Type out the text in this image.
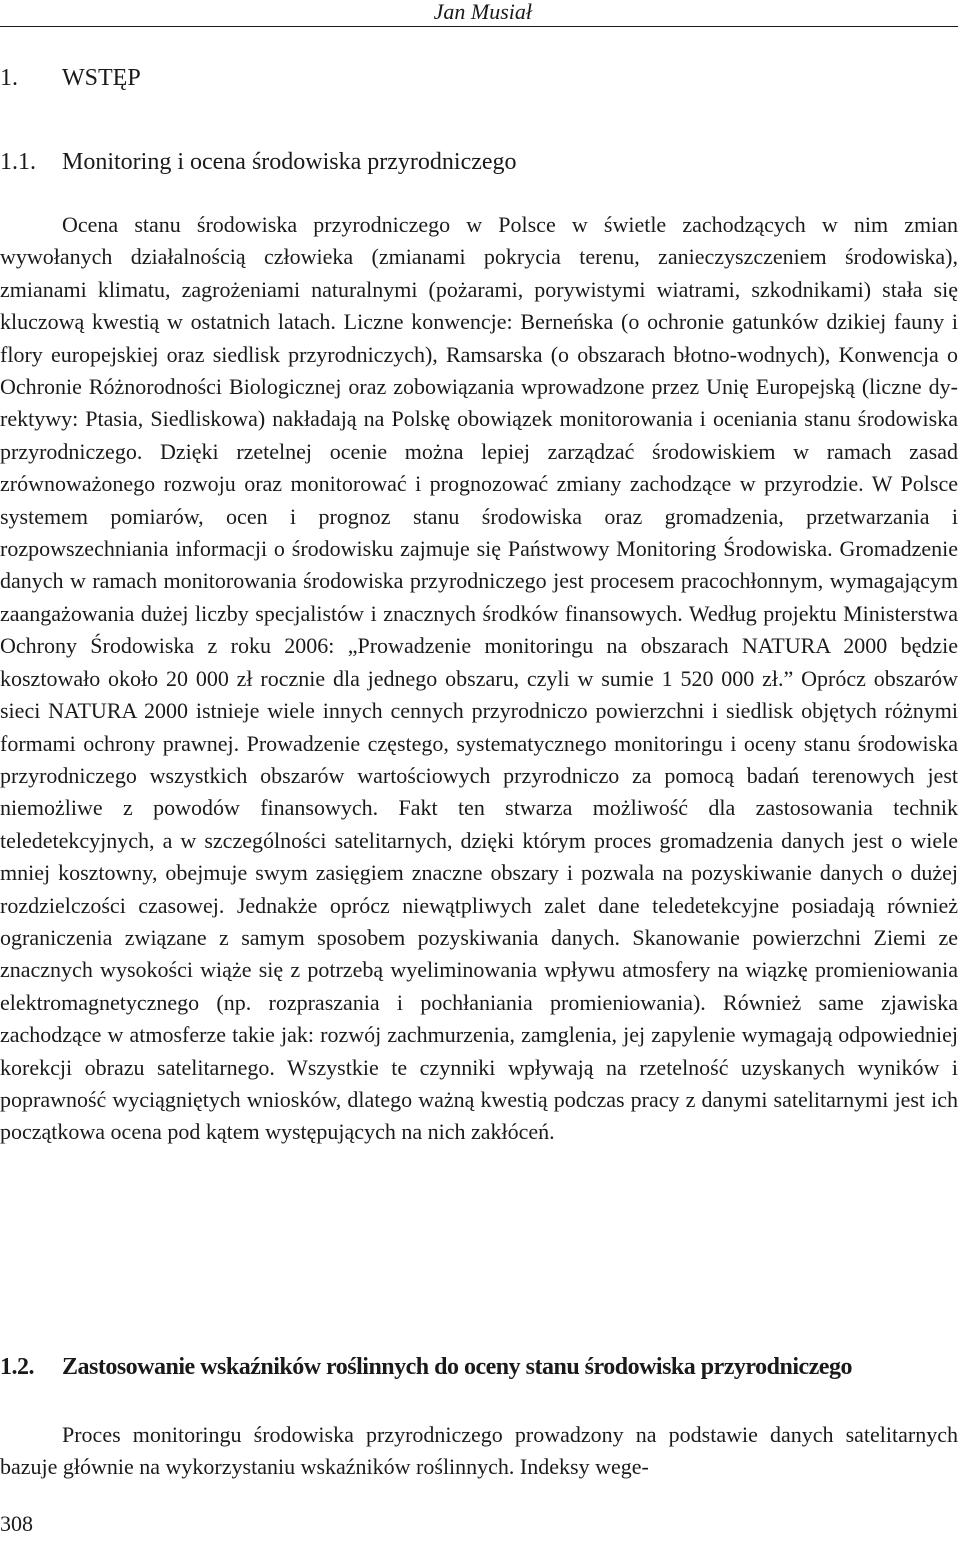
Jan Musiał
1. WSTĘP
1.1. Monitoring i ocena środowiska przyrodniczego

Ocena stanu środowiska przyrodniczego w Polsce w świetle zachodzących w nim zmian wywołanych działalnością człowieka (zmianami pokrycia terenu, zanieczyszczeniem środowiska), zmianami klimatu, zagrożeniami naturalnymi (pożarami, porywistymi wiatrami, szkodnikami) stała się kluczową kwestią w ostatnich latach. Liczne konwencje: Berneńska (o ochronie gatunków dzikiej fauny i flory europejskiej oraz siedlisk przyrodniczych), Ramsarska (o obszarach błotno-wodnych), Konwencja o Ochronie Różnorodności Biologicznej oraz zobowiązania wprowadzone przez Unię Europejską (liczne dyrektywy: Ptasia, Siedliskowa) nakładają na Polskę obowiązek monitorowania i oceniania stanu środowiska przyrodniczego. Dzięki rzetelnej ocenie można lepiej zarządzać środowiskiem w ramach zasad zrównoważonego rozwoju oraz monitorować i prognozować zmiany zachodzące w przyrodzie. W Polsce systemem pomiarów, ocen i prognoz stanu środowiska oraz gromadzenia, przetwarzania i rozpowszechniania informacji o środowisku zajmuje się Państwowy Monitoring Środowiska. Gromadzenie danych w ramach monitorowania środowiska przyrodniczego jest procesem pracochłonnym, wymagającym zaangażowania dużej liczby specjalistów i znacznych środków finansowych. Według projektu Ministerstwa Ochrony Środowiska z roku 2006: „Prowadzenie monitoringu na obszarach NATURA 2000 będzie kosztowało około 20 000 zł rocznie dla jednego obszaru, czyli w sumie 1 520 000 zł.” Oprócz obszarów sieci NATURA 2000 istnieje wiele innych cennych przyrodniczo powierzchni i siedlisk objętych różnymi formami ochrony prawnej. Prowadzenie częstego, systematycznego monitoringu i oceny stanu środowiska przyrodniczego wszystkich obszarów wartościowych przyrodniczo za pomocą badań terenowych jest niemożliwe z powodów finansowych. Fakt ten stwarza możliwość dla zastosowania technik teledetekcyjnych, a w szczególności satelitarnych, dzięki którym proces gromadzenia danych jest o wiele mniej kosztowny, obejmuje swym zasięgiem znaczne obszary i pozwala na pozyskiwanie danych o dużej rozdzielczości czasowej. Jednakże oprócz niewątpliwych zalet dane teledetekcyjne posiadają również ograniczenia związane z samym sposobem pozyskiwania danych. Skanowanie powierzchni Ziemi ze znacznych wysokości wiąże się z potrzebą wyeliminowania wpływu atmosfery na wiązkę promieniowania elektromagnetycznego (np. rozpraszania i pochłaniania promieniowania). Również same zjawiska zachodzące w atmosferze takie jak: rozwój zachmurzenia, zamglenia, jej zapylenie wymagają odpowiedniej korekcji obrazu satelitarnego. Wszystkie te czynniki wpływają na rzetelność uzyskanych wyników i poprawność wyciągniętych wniosków, dlatego ważną kwestią podczas pracy z danymi satelitarnymi jest ich początkowa ocena pod kątem występujących na nich zakłóceń.

1.2. Zastosowanie wskaźników roślinnych do oceny stanu środowiska przyrodniczego

Proces monitoringu środowiska przyrodniczego prowadzony na podstawie danych satelitarnych bazuje głównie na wykorzystaniu wskaźników roślinnych. Indeksy wege-

308
